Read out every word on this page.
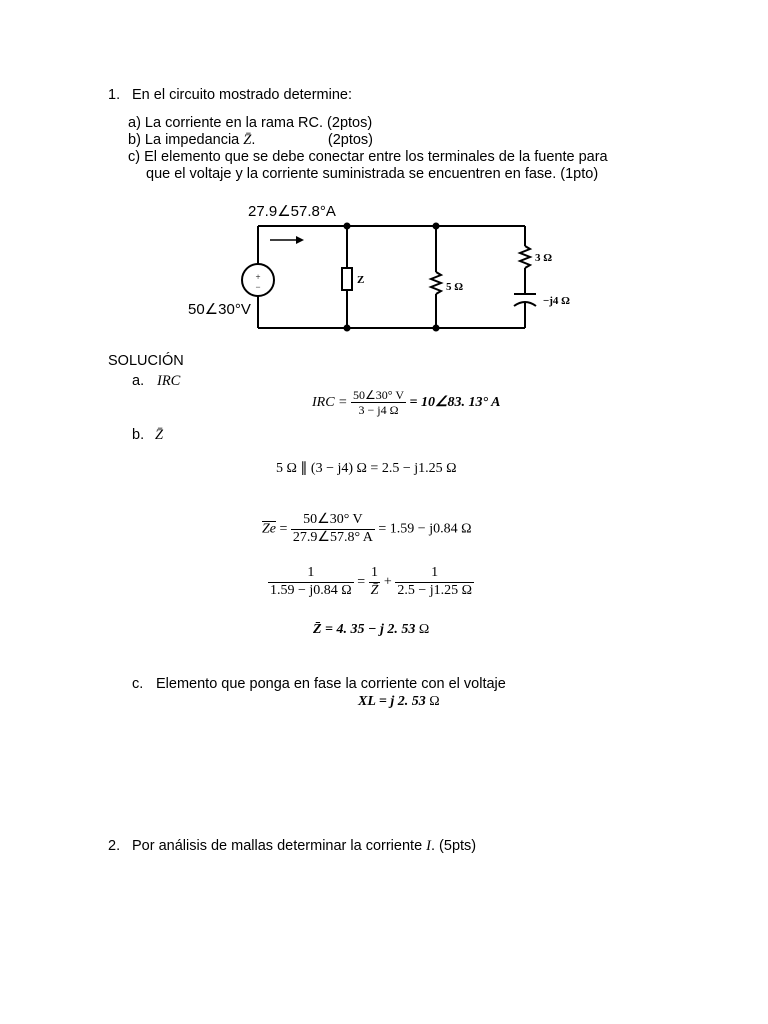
1. En el circuito mostrado determine:
a) La corriente en la rama RC. (2ptos)
b) La impedancia Z̄.                  (2ptos)
c) El elemento que se debe conectar entre los terminales de la fuente para
que el voltaje y la corriente suministrada se encuentren en fase. (1pto)
+
−
Z
5 Ω
3 Ω
−j4 Ω
27.9∠57.8°A
50∠30°V
SOLUCIÓN
a. IRC
IRC = $\frac{50\angle 30^\circ V}{3 - j4 \Omega}$ = 10∠83. 13° A
b. Z̄
5 Ω ∥ (3 − j4) Ω = 2.5 − j1.25 Ω
$\overline{Ze} = \frac{50\angle 30^\circ V}{27.9\angle 57.8^\circ A} = 1.59 - j0.84$ Ω
$\frac{1}{1.59 - j0.84 \Omega} = \frac{1}{Z̄} + \frac{1}{2.5 - j1.25 \Omega}$
Z̄ = 4. 35 − j 2. 53 Ω
c. Elemento que ponga en fase la corriente con el voltaje
XL = j 2. 53 Ω
2. Por análisis de mallas determinar la corriente I. (5pts)
